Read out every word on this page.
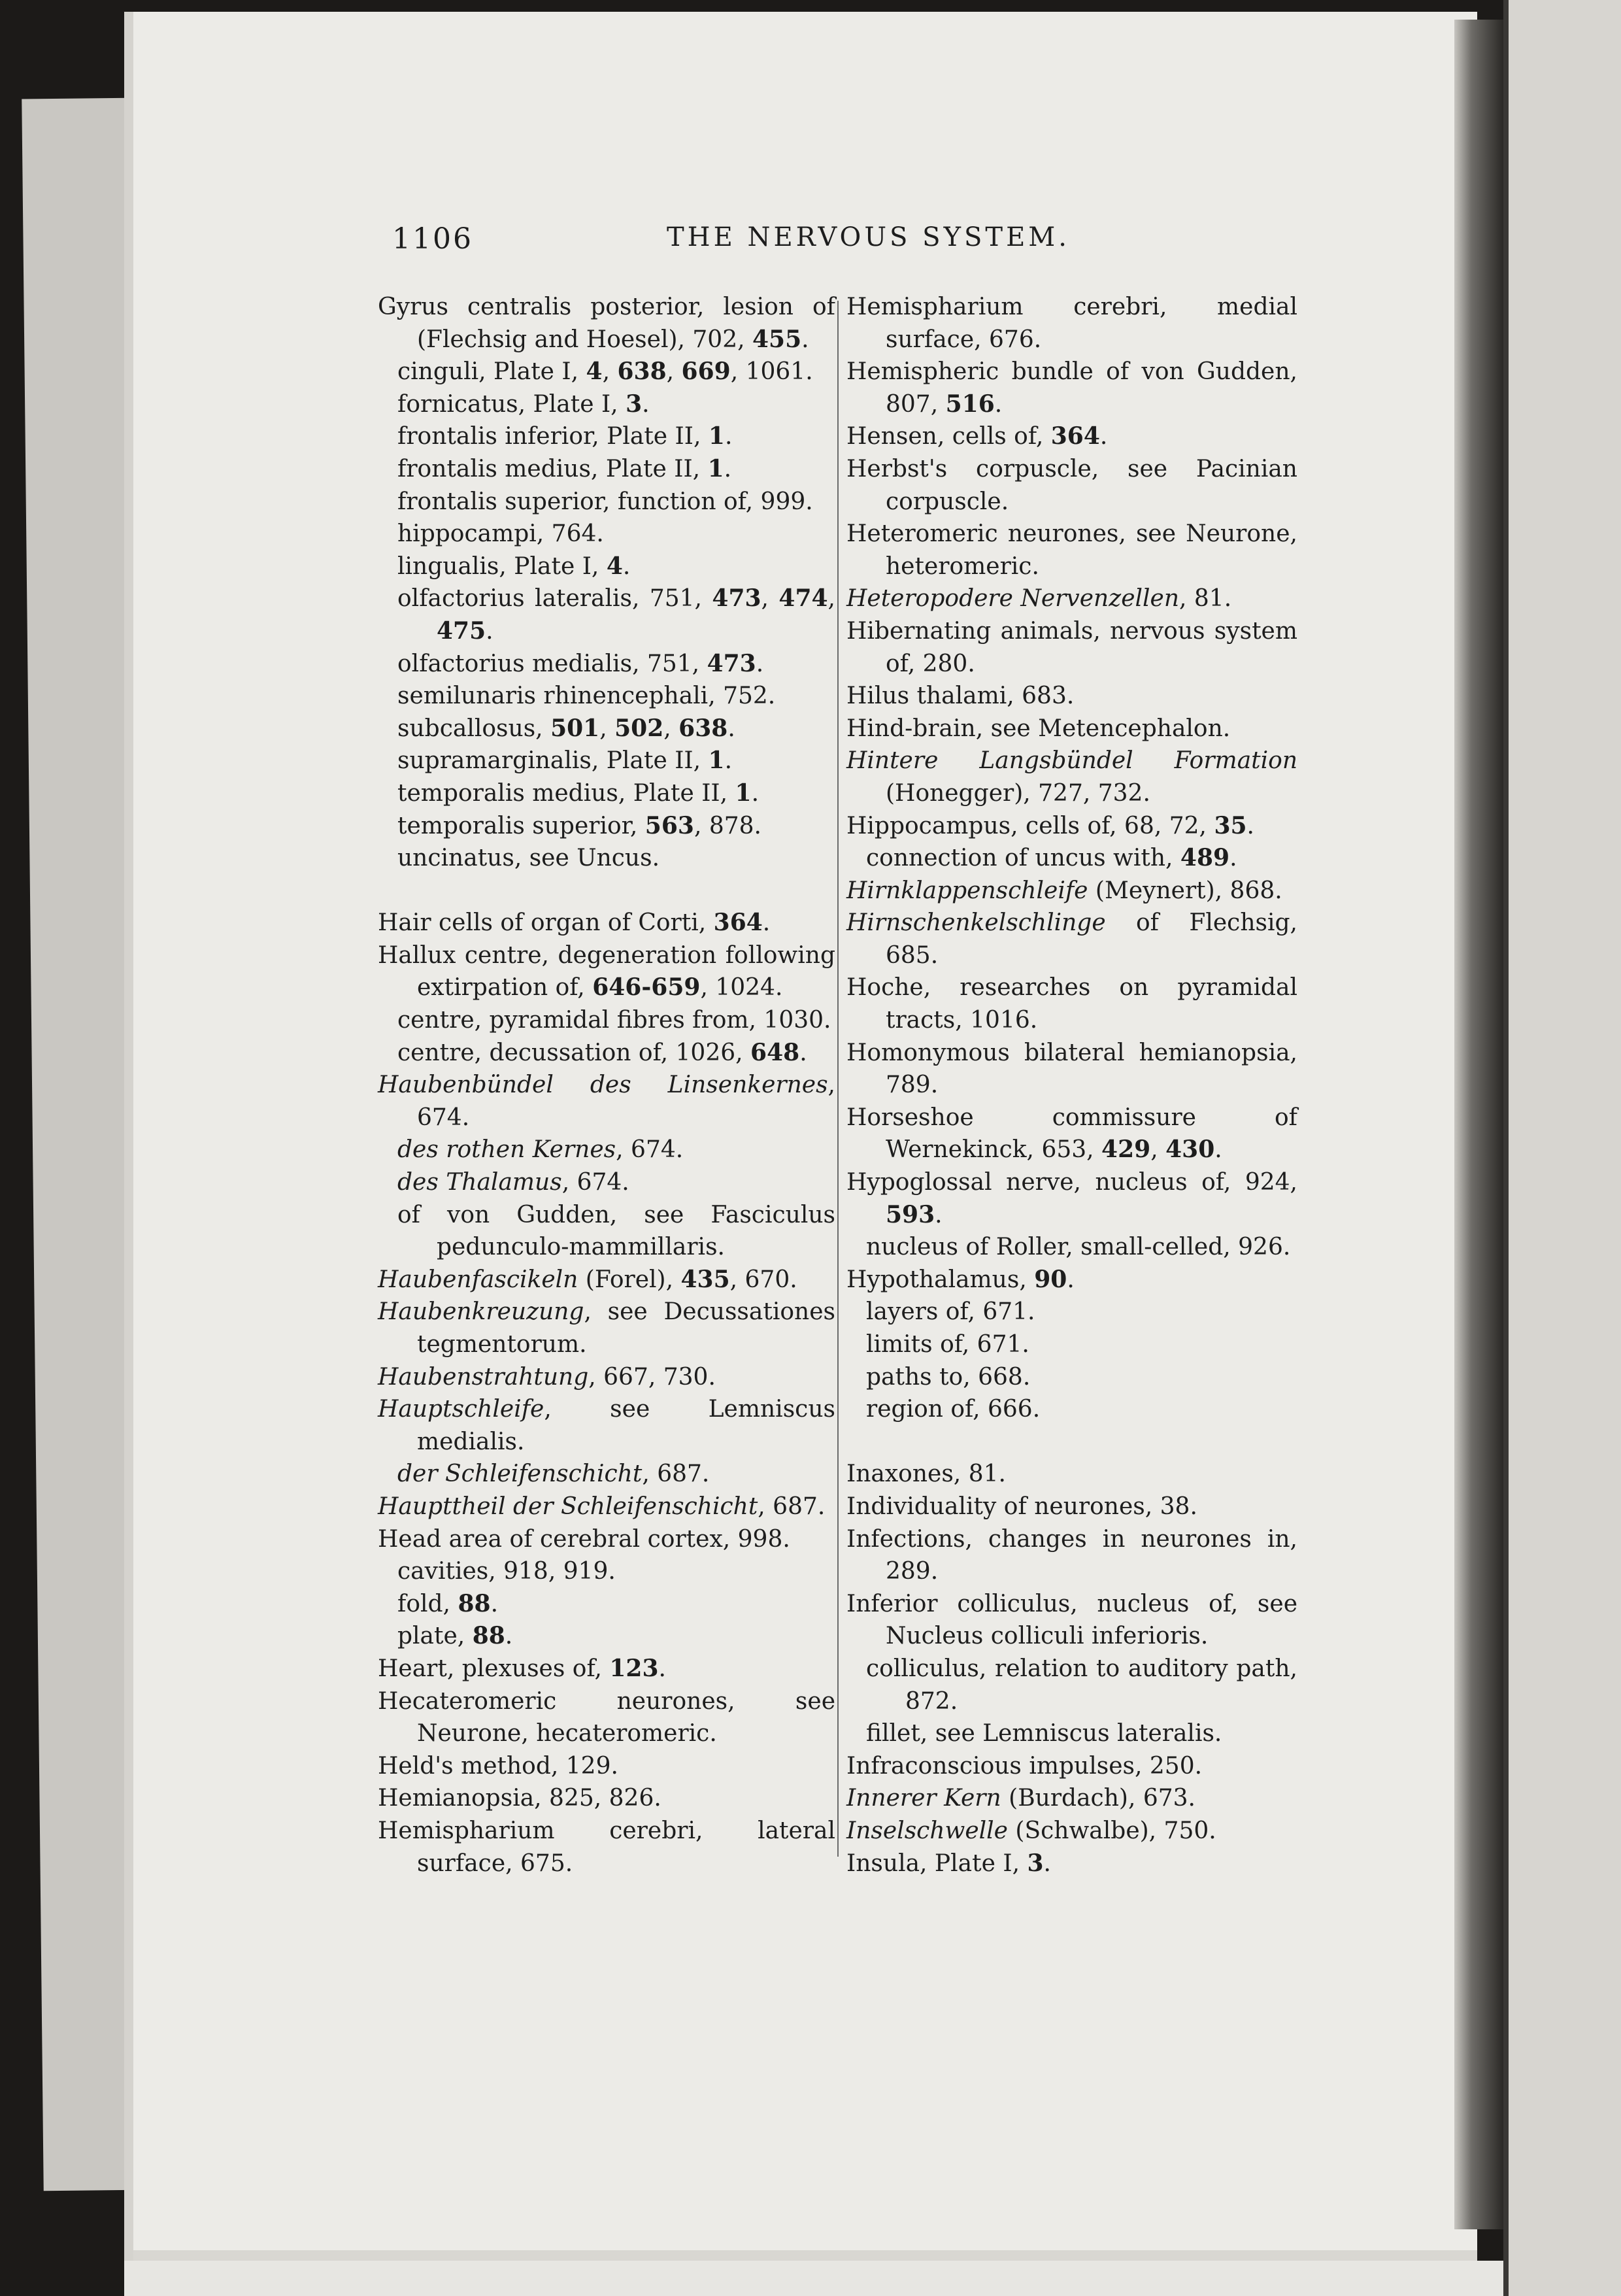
1106	THE NERVOUS SYSTEM.

Gyrus centralis posterior, lesion of (Flechsig and Hoesel), 702, 455.

cinguli, Plate I, 4, 638, 669, 1061.

fornicatus, Plate I, 3.

frontalis inferior, Plate II, 1.

frontalis medius, Plate II, 1.

frontalis superior, function of, 999.

hippocampi, 764.

lingualis, Plate I, 4.

olfactorius lateralis, 751, 473, 474, 475.

olfactorius medialis, 751, 473.

semilunaris rhinencephali, 752.

subcallosus, 501, 502, 638.

supramarginalis, Plate II, 1.

temporalis medius, Plate II, 1.

temporalis superior, 563, 878.

uncinatus, see Uncus.

Hair cells of organ of Corti, 364.

Hallux centre, degeneration following extirpation of, 646-659, 1024.

centre, pyramidal fibres from, 1030.

centre, decussation of, 1026, 648.

Haubenbündel des Linsenkernes, 674.

des rothen Kernes, 674.

des Thalamus, 674.

of von Gudden, see Fasciculus pedunculo-mammillaris.

Haubenfascikeln (Forel), 435, 670.

Haubenkreuzung, see Decussationes tegmentorum.

Haubenstrahtung, 667, 730.

Hauptschleife, see Lemniscus medialis.

der Schleifenschicht, 687.

Haupttheil der Schleifenschicht, 687.

Head area of cerebral cortex, 998.

cavities, 918, 919.

fold, 88.

plate, 88.

Heart, plexuses of, 123.

Hecateromeric neurones, see Neurone, hecateromeric.

Held's method, 129.

Hemianopsia, 825, 826.

Hemispharium cerebri, lateral surface, 675.

Hemispharium cerebri, medial surface, 676.

Hemispheric bundle of von Gudden, 807, 516.

Hensen, cells of, 364.

Herbst's corpuscle, see Pacinian corpuscle.

Heteromeric neurones, see Neurone, heteromeric.

Heteropodere Nervenzellen, 81.

Hibernating animals, nervous system of, 280.

Hilus thalami, 683.

Hind-brain, see Metencephalon.

Hintere Langsbündel Formation (Honegger), 727, 732.

Hippocampus, cells of, 68, 72, 35.

connection of uncus with, 489.

Hirnklappenschleife (Meynert), 868.

Hirnschenkelschlinge of Flechsig, 685.

Hoche, researches on pyramidal tracts, 1016.

Homonymous bilateral hemianopsia, 789.

Horseshoe commissure of Wernekinck, 653, 429, 430.

Hypoglossal nerve, nucleus of, 924, 593.

nucleus of Roller, small-celled, 926.

Hypothalamus, 90.

layers of, 671.

limits of, 671.

paths to, 668.

region of, 666.

Inaxones, 81.

Individuality of neurones, 38.

Infections, changes in neurones in, 289.

Inferior colliculus, nucleus of, see Nucleus colliculi inferioris.

colliculus, relation to auditory path, 872.

fillet, see Lemniscus lateralis.

Infraconscious impulses, 250.

Innerer Kern (Burdach), 673.

Inselschwelle (Schwalbe), 750.

Insula, Plate I, 3.
